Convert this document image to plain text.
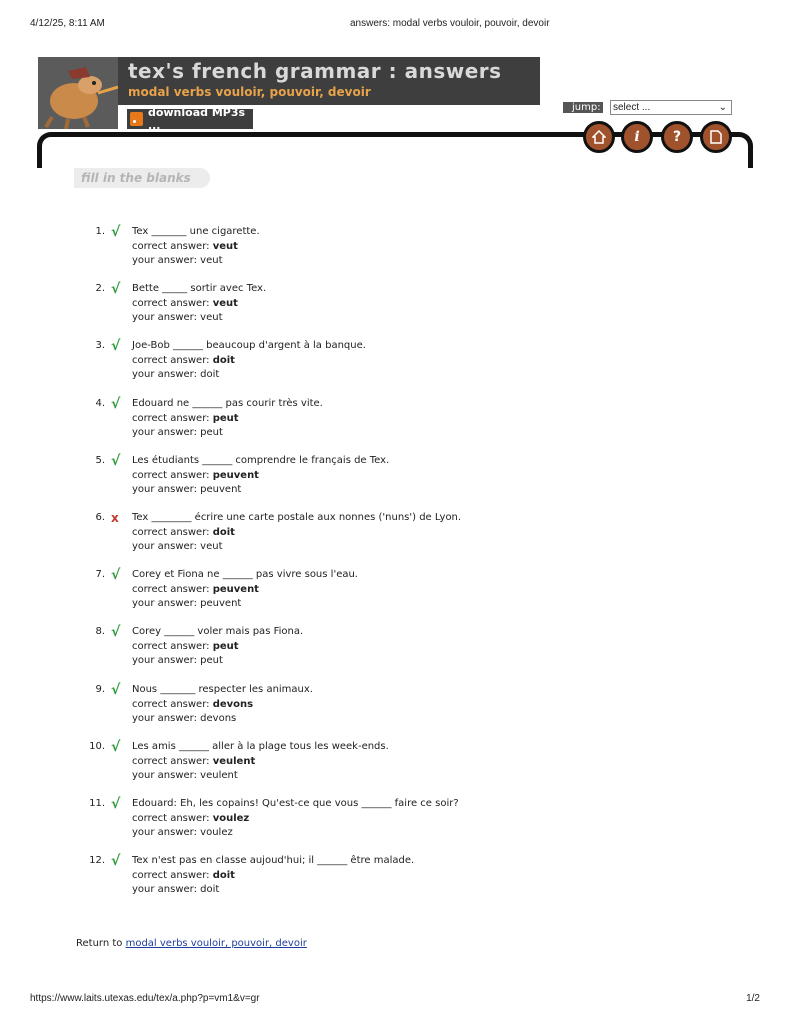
4/12/25, 8:11 AM	answers: modal verbs vouloir, pouvoir, devoir
tex's french grammar : answers
modal verbs vouloir, pouvoir, devoir
download MP3s ...
jump:	select ...	⌄
i ?
fill in the blanks
1. √ Tex _______ une cigarette.
correct answer: veut
your answer: veut
2. √ Bette _____ sortir avec Tex.
correct answer: veut
your answer: veut
3. √ Joe-Bob ______ beaucoup d'argent à la banque.
correct answer: doit
your answer: doit
4. √ Edouard ne ______ pas courir très vite.
correct answer: peut
your answer: peut
5. √ Les étudiants ______ comprendre le français de Tex.
correct answer: peuvent
your answer: peuvent
6. x Tex ________ écrire une carte postale aux nonnes ('nuns') de Lyon.
correct answer: doit
your answer: veut
7. √ Corey et Fiona ne ______ pas vivre sous l'eau.
correct answer: peuvent
your answer: peuvent
8. √ Corey ______ voler mais pas Fiona.
correct answer: peut
your answer: peut
9. √ Nous _______ respecter les animaux.
correct answer: devons
your answer: devons
10. √ Les amis ______ aller à la plage tous les week-ends.
correct answer: veulent
your answer: veulent
11. √ Edouard: Eh, les copains! Qu'est-ce que vous ______ faire ce soir?
correct answer: voulez
your answer: voulez
12. √ Tex n'est pas en classe aujoud'hui; il ______ être malade.
correct answer: doit
your answer: doit
Return to modal verbs vouloir, pouvoir, devoir
https://www.laits.utexas.edu/tex/a.php?p=vm1&v=gr	1/2
